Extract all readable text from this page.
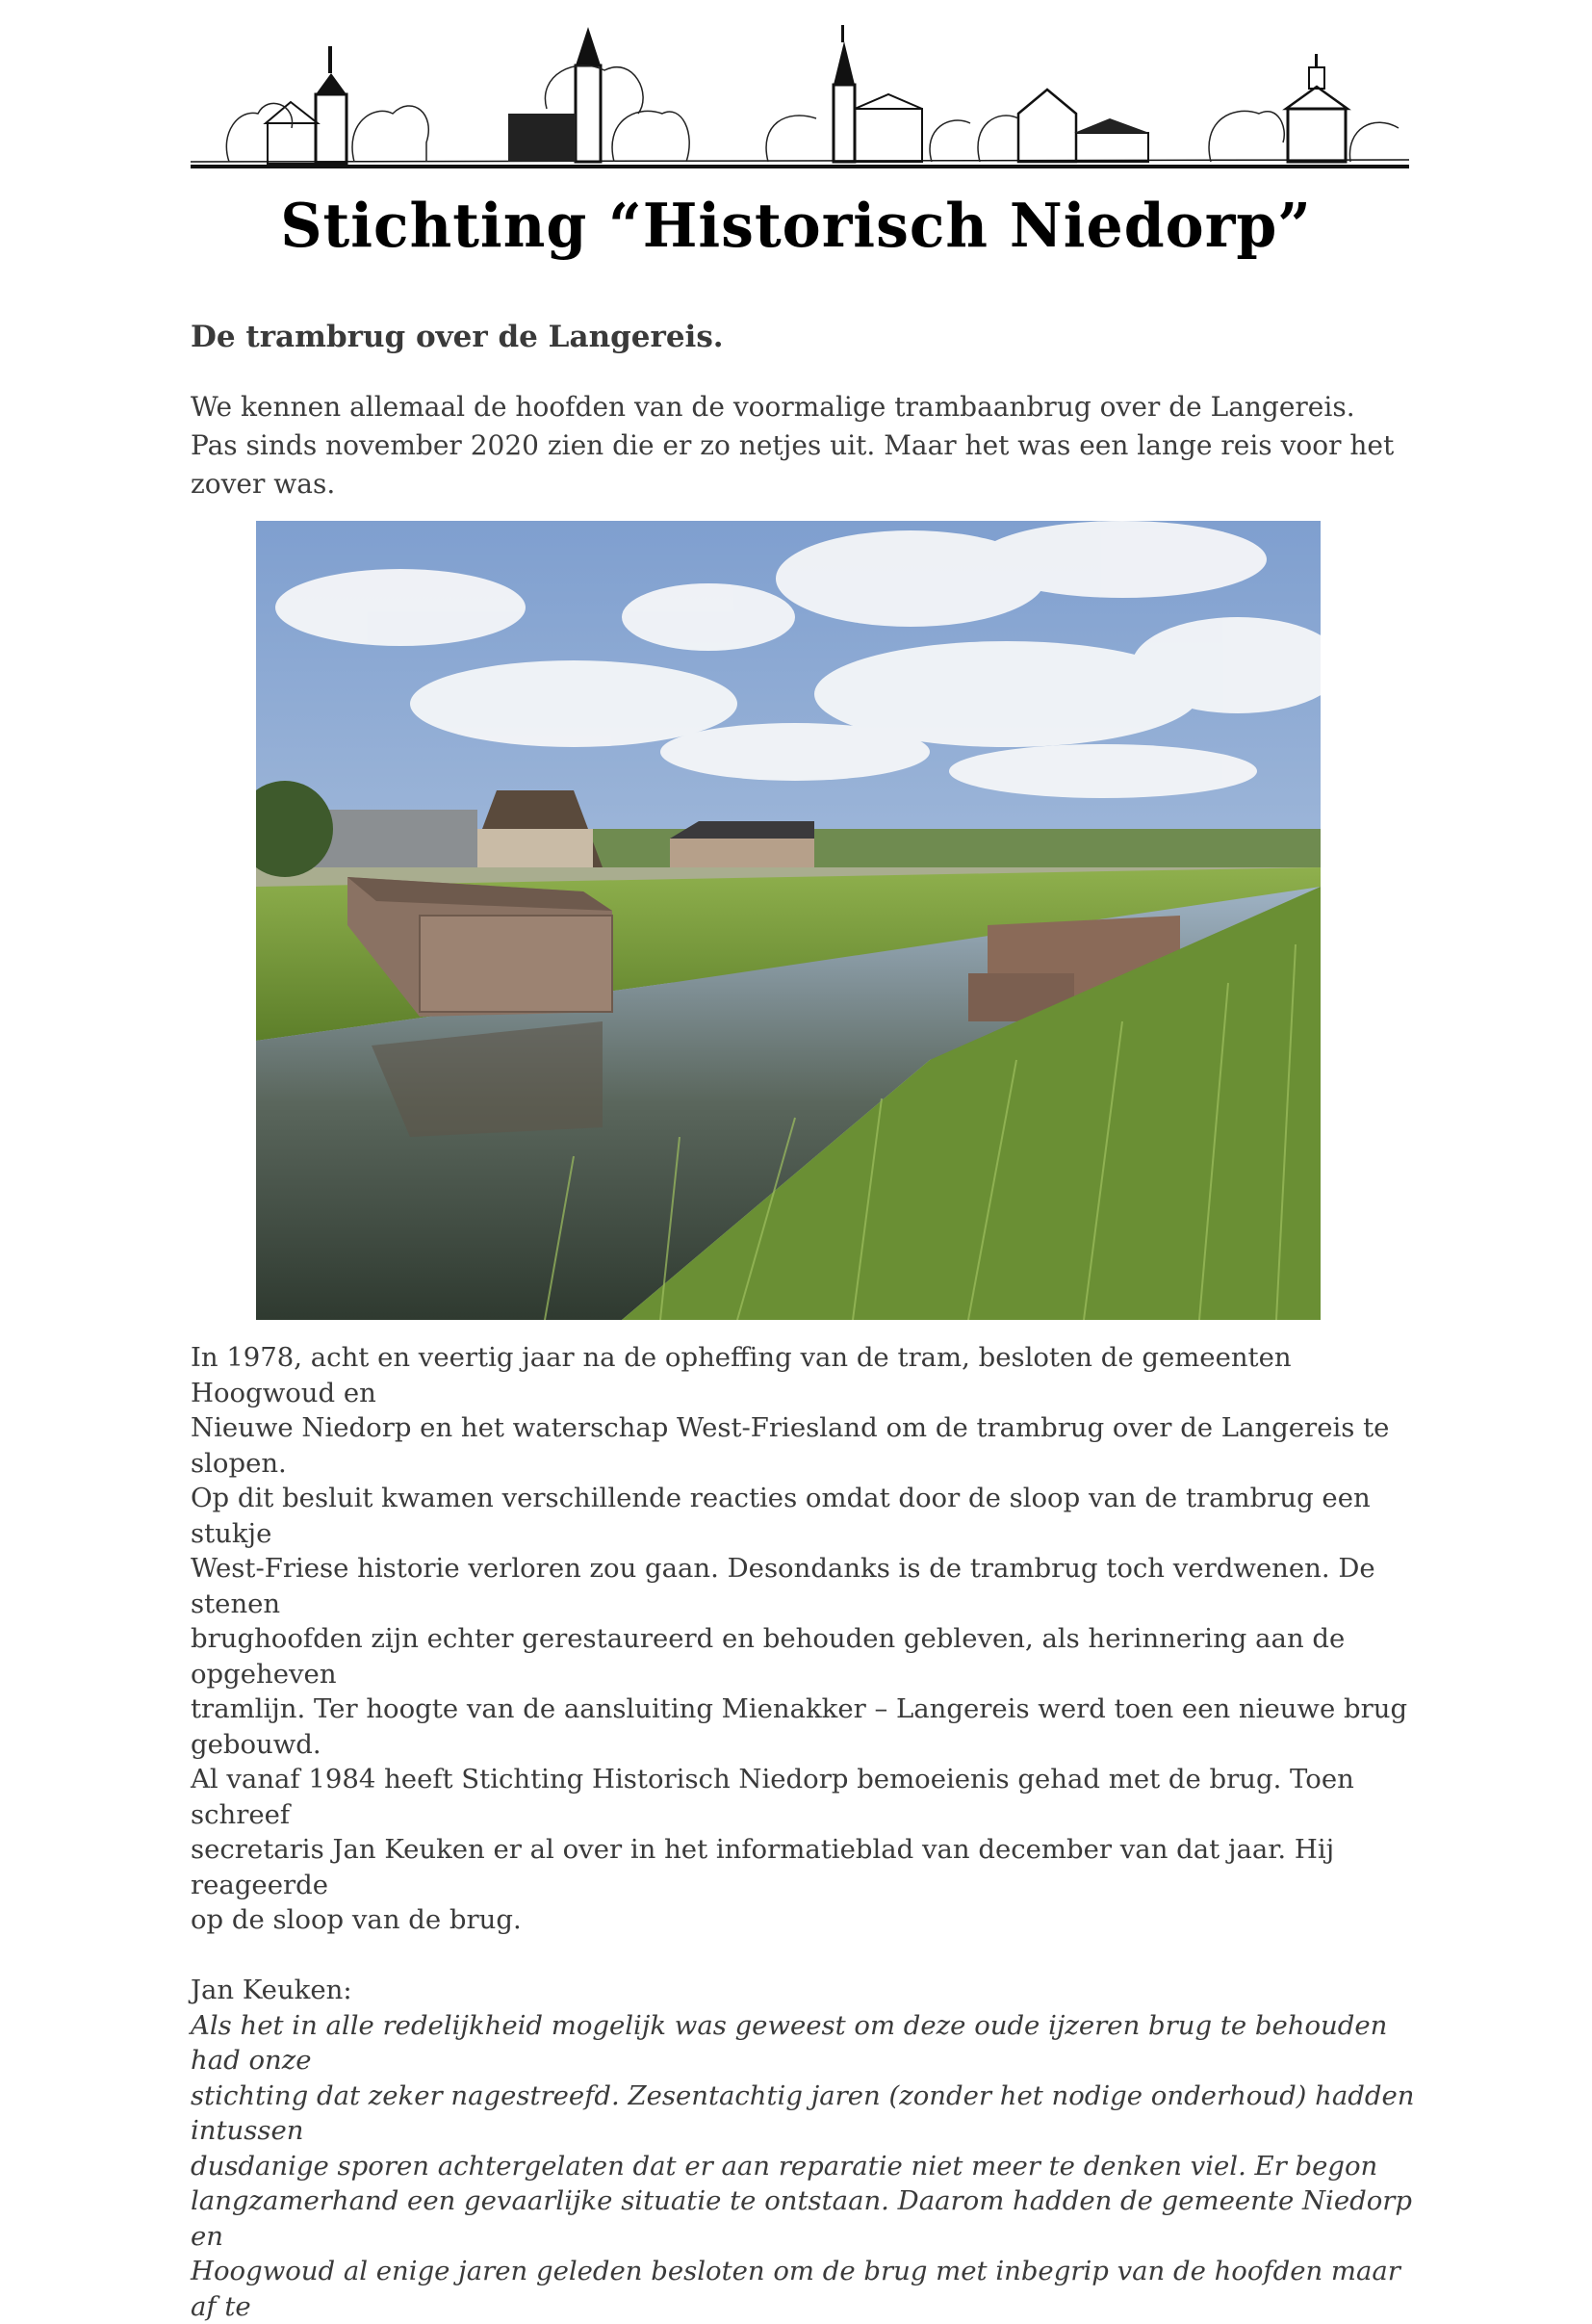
Stichting “Historisch Niedorp”
De trambrug over de Langereis.

We kennen allemaal de hoofden van de voormalige trambaanbrug over de Langereis.

Pas sinds november 2020 zien die er zo netjes uit. Maar het was een lange reis voor het

zover was.

In 1978, acht en veertig jaar na de opheffing van de tram, besloten de gemeenten Hoogwoud en

Nieuwe Niedorp en het waterschap West-Friesland om de trambrug over de Langereis te slopen.

Op dit besluit kwamen verschillende reacties omdat door de sloop van de trambrug een stukje

West-Friese historie verloren zou gaan. Desondanks is de trambrug toch verdwenen. De stenen

brughoofden zijn echter gerestaureerd en behouden gebleven, als herinnering aan de opgeheven

tramlijn. Ter hoogte van de aansluiting Mienakker – Langereis werd toen een nieuwe brug

gebouwd.

Al vanaf 1984 heeft Stichting Historisch Niedorp bemoeienis gehad met de brug. Toen schreef

secretaris Jan Keuken er al over in het informatieblad van december van dat jaar. Hij reageerde

op de sloop van de brug.

Jan Keuken:

Als het in alle redelijkheid mogelijk was geweest om deze oude ijzeren brug te behouden had onze

stichting dat zeker nagestreefd. Zesentachtig jaren (zonder het nodige onderhoud) hadden intussen

dusdanige sporen achtergelaten dat er aan reparatie niet meer te denken viel. Er begon

langzamerhand een gevaarlijke situatie te ontstaan. Daarom hadden de gemeente Niedorp en

Hoogwoud al enige jaren geleden besloten om de brug met inbegrip van de hoofden maar af te
